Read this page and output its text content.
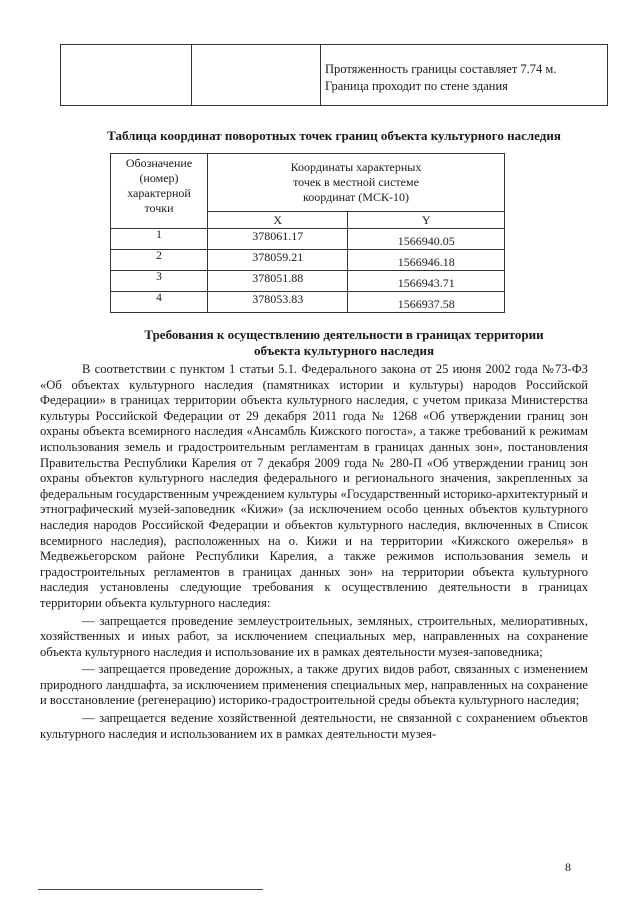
Протяженность границы составляет 7.74 м.
Граница проходит по стене здания
Таблица координат поворотных точек границ объекта культурного наследия
Обозначение
(номер)
характерной
точки	Координаты характерных
точек в местной системе
координат (МСК-10)	
	X	Y
1	378061.17	1566940.05
2	378059.21	1566946.18
3	378051.88	1566943.71
4	378053.83	1566937.58
Требования к осуществлению деятельности в границах территории
объекта культурного наследия

В соответствии с пунктом 1 статьи 5.1. Федерального закона от 25 июня 2002 года №73-ФЗ «Об объектах культурного наследия (памятниках истории и культуры) народов Российской Федерации» в границах территории объекта культурного наследия, с учетом приказа Министерства культуры Российской Федерации от 29 декабря 2011 года № 1268 «Об утверждении границ зон охраны объекта всемирного наследия «Ансамбль Кижского погоста», а также требований к режимам использования земель и градостроительным регламентам в границах данных зон», постановления Правительства Республики Карелия от 7 декабря 2009 года № 280-П «Об утверждении границ зон охраны объектов культурного наследия федерального и регионального значения, закрепленных за федеральным государственным учреждением культуры «Государственный историко-архитектурный и этнографический музей-заповедник «Кижи» (за исключением особо ценных объектов культурного наследия народов Российской Федерации и объектов культурного наследия, включенных в Список всемирного наследия), расположенных на о. Кижи и на территории «Кижского ожерелья» в Медвежьегорском районе Республики Карелия, а также режимов использования земель и градостроительных регламентов в границах данных зон» на территории объекта культурного наследия установлены следующие требования к осуществлению деятельности в границах территории объекта культурного наследия:

— запрещается проведение землеустроительных, земляных, строительных, мелиоративных, хозяйственных и иных работ, за исключением специальных мер, направленных на сохранение объекта культурного наследия и использование их в рамках деятельности музея-заповедника;

— запрещается проведение дорожных, а также других видов работ, связанных с изменением природного ландшафта, за исключением применения специальных мер, направленных на сохранение и восстановление (регенерацию) историко-градостроительной среды объекта культурного наследия;

— запрещается ведение хозяйственной деятельности, не связанной с сохранением объектов культурного наследия и использованием их в рамках деятельности музея-

8
